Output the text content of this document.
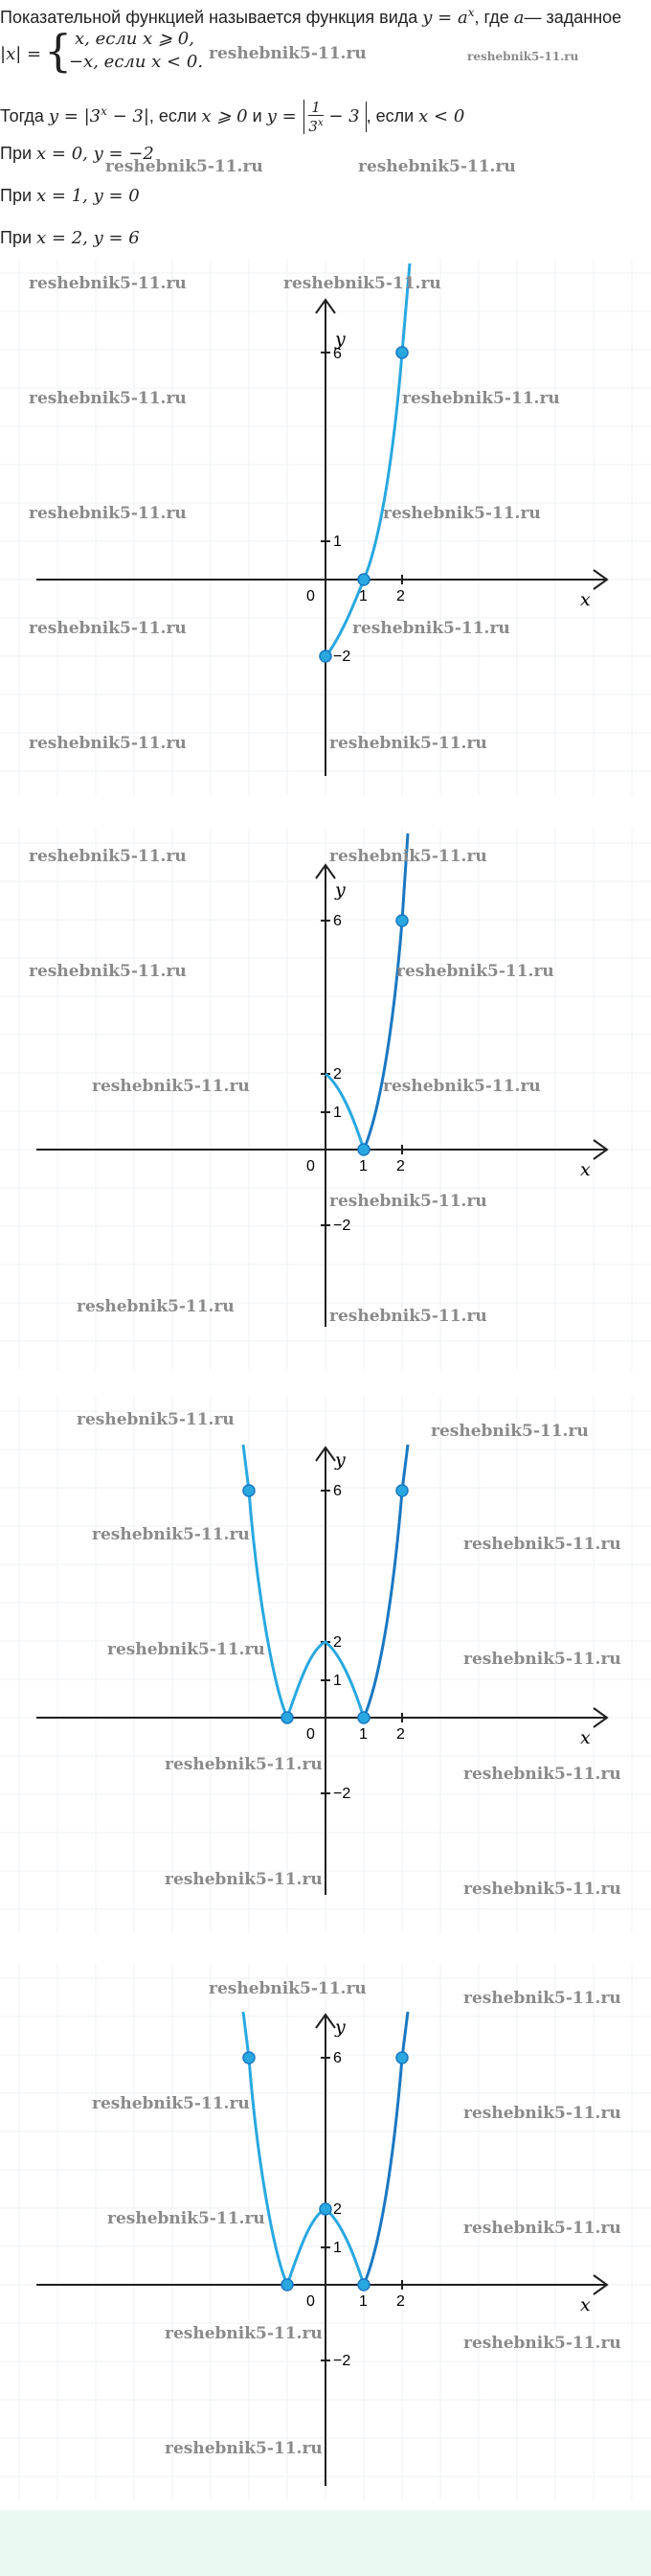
Показательной функцией называется функция вида $y = a^x$, где a— заданное
|x| = { x, если x ⩾ 0,
−x, если x < 0. reshebnik5-11.ru	reshebnik5-11.ru
Тогда $y = |3^x - 3|$, если x ⩾ 0 и $y = \frac{1}{3^x} - 3$ , если x < 0
При x = 0, y = −2
reshebnik5-11.ru	reshebnik5-11.ru
При x = 1, y = 0
При x = 2, y = 6
x
y
0	1 2
1
6
−2
reshebnik5-11.ru	reshebnik5-11.ru
reshebnik5-11.ru	reshebnik5-11.ru
reshebnik5-11.ru	reshebnik5-11.ru
reshebnik5-11.ru	reshebnik5-11.ru
reshebnik5-11.ru	reshebnik5-11.ru
x
y
0	1 2
1
2
6
−2
reshebnik5-11.ru	reshebnik5-11.ru
reshebnik5-11.ru	reshebnik5-11.ru
reshebnik5-11.ru	reshebnik5-11.ru
reshebnik5-11.ru
reshebnik5-11.ru	reshebnik5-11.ru
x
y
0	1 2
1
2
6
−2
reshebnik5-11.ru
reshebnik5-11.ru
reshebnik5-11.ru	reshebnik5-11.ru
reshebnik5-11.ru	reshebnik5-11.ru
reshebnik5-11.ru	reshebnik5-11.ru
reshebnik5-11.ru	reshebnik5-11.ru
x
y
0	1 2
1
2
6
−2
reshebnik5-11.ru	reshebnik5-11.ru
reshebnik5-11.ru	reshebnik5-11.ru
reshebnik5-11.ru	reshebnik5-11.ru
reshebnik5-11.ru	reshebnik5-11.ru
reshebnik5-11.ru
